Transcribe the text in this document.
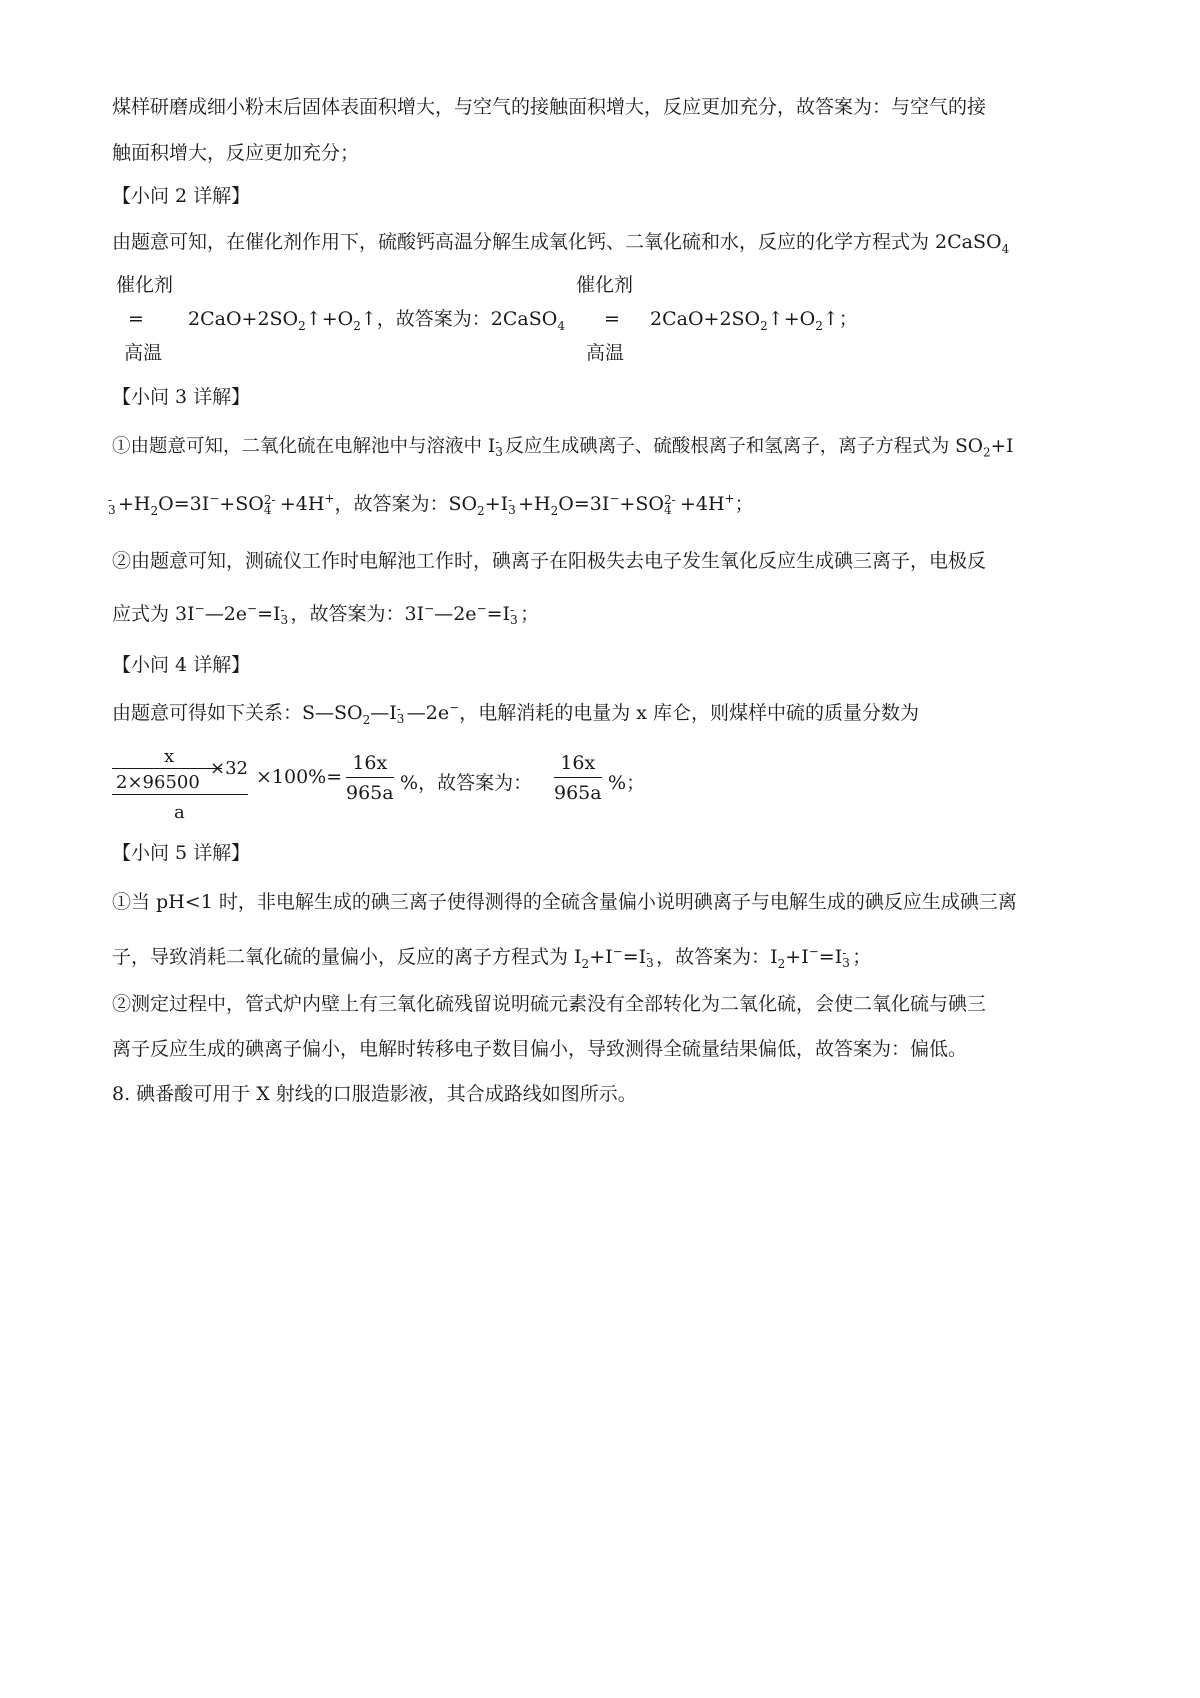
煤样研磨成细小粉末后固体表面积增大，与空气的接触面积增大，反应更加充分，故答案为：与空气的接
触面积增大，反应更加充分；
【小问 2 详解】
由题意可知，在催化剂作用下，硫酸钙高温分解生成氧化钙、二氧化硫和水，反应的化学方程式为 2CaSO$_4$
催化剂
=
高温
$2CaO+2SO_2↑+O_2↑$，故答案为：2CaSO$_4$
催化剂
=
高温
$2CaO+2SO_2↑+O_2↑$；
【小问 3 详解】
①由题意可知，二氧化硫在电解池中与溶液中 I -
3 反应生成碘离子、硫酸根离子和氢离子，离子方程式为 $SO_2+I$
-
$3 +H_2O=3I^-+SO$ 2-
4 +4H+，故答案为：$SO_2+I$ -
$3 +H_2O=3I^-+SO$ 2-
4 +4H+；
②由题意可知，测硫仪工作时电解池工作时，碘离子在阳极失去电子发生氧化反应生成碘三离子，电极反
应式为 3I−—2e−=I -
3 ，故答案为：3I−—2e−=I -
3 ；
【小问 4 详解】
由题意可得如下关系：$S—SO_2—I$ -
3 —2e−，电解消耗的电量为 x 库仑，则煤样中硫的质量分数为
x
2×96500
×32
a
$\times 100\%= \frac{16x}{965a}$ %，故答案为： $\frac{16x}{965a}$ %；
【小问 5 详解】
①当 pH<1 时，非电解生成的碘三离子使得测得的全硫含量偏小说明碘离子与电解生成的碘反应生成碘三离
子，导致消耗二氧化硫的量偏小，反应的离子方程式为 $I_2+I^-=I$ -
3 ，故答案为：$I_2+I^-=I$ -
3 ；
②测定过程中，管式炉内壁上有三氧化硫残留说明硫元素没有全部转化为二氧化硫，会使二氧化硫与碘三
离子反应生成的碘离子偏小，电解时转移电子数目偏小，导致测得全硫量结果偏低，故答案为：偏低。
8. 碘番酸可用于 X 射线的口服造影液，其合成路线如图所示。
